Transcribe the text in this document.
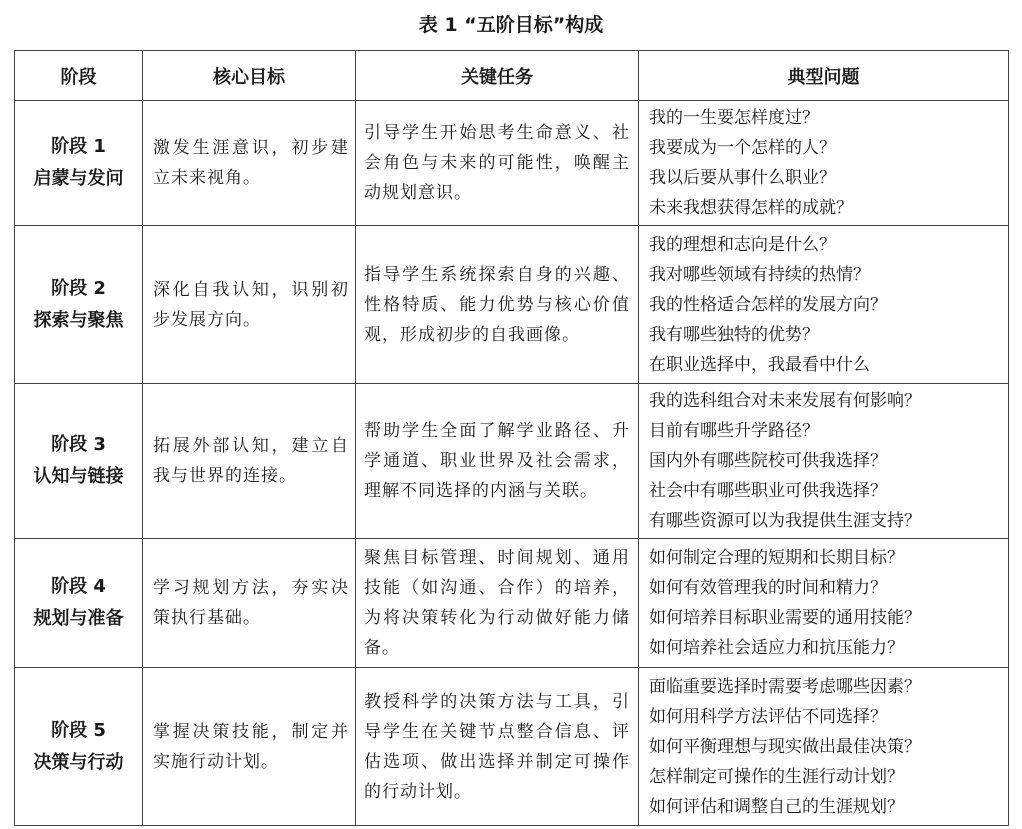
表 1 “五阶目标”构成
阶段	核心目标	关键任务	典型问题

阶段 1
启蒙与发问	激发生涯意识，初步建立未来视角。	引导学生开始思考生命意义、社会角色与未来的可能性，唤醒主动规划意识。	我的一生要怎样度过？
我要成为一个怎样的人？
我以后要从事什么职业？
未来我想获得怎样的成就？

阶段 2
探索与聚焦	深化自我认知，识别初步发展方向。	指导学生系统探索自身的兴趣、性格特质、能力优势与核心价值观，形成初步的自我画像。	我的理想和志向是什么？
我对哪些领域有持续的热情？
我的性格适合怎样的发展方向？
我有哪些独特的优势？
在职业选择中，我最看中什么

阶段 3
认知与链接	拓展外部认知，建立自我与世界的连接。	帮助学生全面了解学业路径、升学通道、职业世界及社会需求，理解不同选择的内涵与关联。	我的选科组合对未来发展有何影响？
目前有哪些升学路径？
国内外有哪些院校可供我选择？
社会中有哪些职业可供我选择？
有哪些资源可以为我提供生涯支持？

阶段 4
规划与准备	学习规划方法，夯实决策执行基础。	聚焦目标管理、时间规划、通用技能（如沟通、合作）的培养，为将决策转化为行动做好能力储备。	如何制定合理的短期和长期目标？
如何有效管理我的时间和精力？
如何培养目标职业需要的通用技能？
如何培养社会适应力和抗压能力？

阶段 5
决策与行动	掌握决策技能，制定并实施行动计划。	教授科学的决策方法与工具，引导学生在关键节点整合信息、评估选项、做出选择并制定可操作的行动计划。	面临重要选择时需要考虑哪些因素？
如何用科学方法评估不同选择？
如何平衡理想与现实做出最佳决策？
怎样制定可操作的生涯行动计划？
如何评估和调整自己的生涯规划？
